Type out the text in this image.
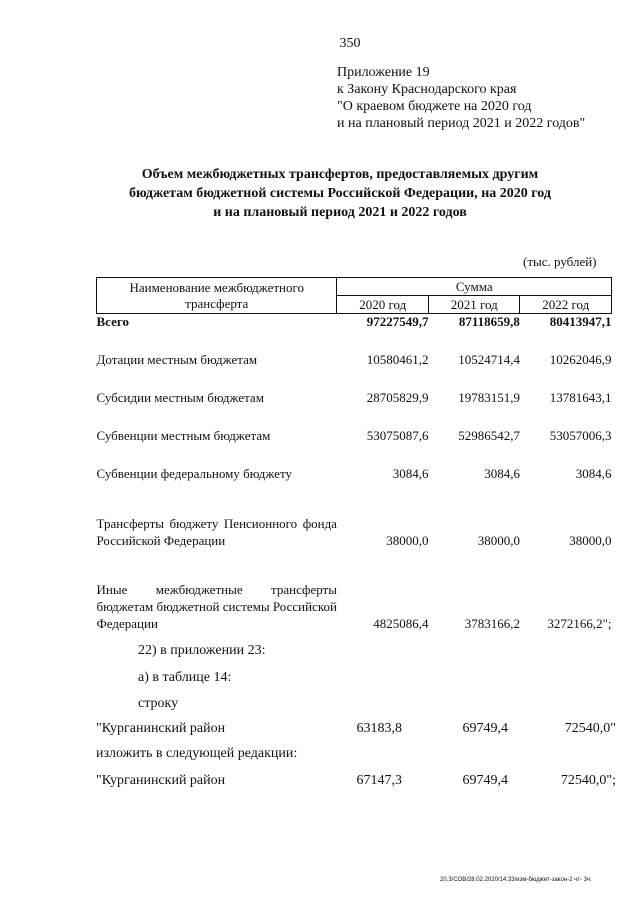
350
Приложение 19
к Закону Краснодарского края
"О краевом бюджете на 2020 год
и на плановый период 2021 и 2022 годов"
Объем межбюджетных трансфертов, предоставляемых другим
бюджетам бюджетной системы Российской Федерации, на 2020 год
и на плановый период 2021 и 2022 годов
(тыс. рублей)
Наименование межбюджетного трансферта	Сумма		
	2020 год	2021 год	2022 год
Всего	97227549,7	87118659,8	80413947,1
Дотации местным бюджетам	10580461,2	10524714,4	10262046,9
Субсидии местным бюджетам	28705829,9	19783151,9	13781643,1
Субвенции местным бюджетам	53075087,6	52986542,7	53057006,3
Субвенции федеральному бюджету	3084,6	3084,6	3084,6
Трансферты бюджету Пенсионного фонда Российской Федерации	38000,0	38000,0	38000,0
Иные межбюджетные трансферты бюджетам бюджетной системы Российской Федерации	4825086,4	3783166,2	3272166,2";
22) в приложении 23:
а) в таблице 14:
строку
"Курганинский район	63183,8	69749,4	72540,0"
изложить в следующей редакции:
"Курганинский район	67147,3	69749,4	72540,0";
20.3/СОВ/28.02.2020/14:33/изм-бюджет-закон-2 чт- 3ч.
